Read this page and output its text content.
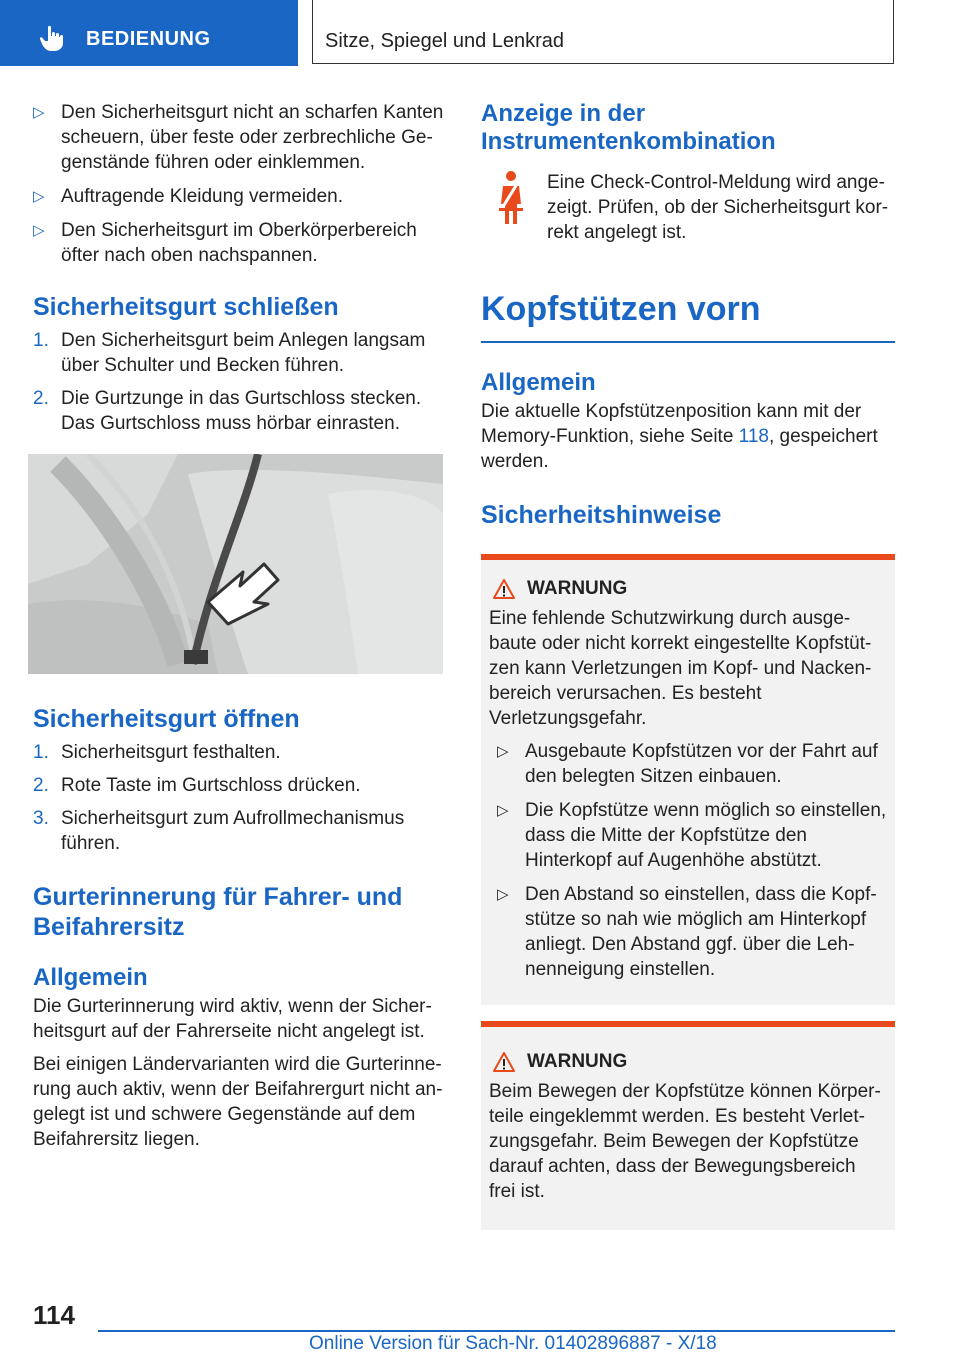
BEDIENUNG	Sitze, Spiegel und Lenkrad
▷ Den Sicherheitsgurt nicht an scharfen Kanten scheuern, über feste oder zerbrechliche Gegenstände führen oder einklemmen.
▷ Auftragende Kleidung vermeiden.
▷ Den Sicherheitsgurt im Oberkörperbereich öfter nach oben nachspannen.
Sicherheitsgurt schließen
1. Den Sicherheitsgurt beim Anlegen langsam über Schulter und Becken führen.
2. Die Gurtzunge in das Gurtschloss stecken. Das Gurtschloss muss hörbar einrasten.
Sicherheitsgurt öffnen
1. Sicherheitsgurt festhalten.
2. Rote Taste im Gurtschloss drücken.
3. Sicherheitsgurt zum Aufrollmechanismus führen.
Gurterinnerung für Fahrer- und Beifahrersitz
Allgemein

Die Gurterinnerung wird aktiv, wenn der Sicherheitsgurt auf der Fahrerseite nicht angelegt ist.

Bei einigen Ländervarianten wird die Gurterinnerung auch aktiv, wenn der Beifahrergurt nicht angelegt ist und schwere Gegenstände auf dem Beifahrersitz liegen.

Anzeige in der Instrumentenkombination

Eine Check-Control-Meldung wird angezeigt. Prüfen, ob der Sicherheitsgurt korrekt angelegt ist.

Kopfstützen vorn
Allgemein

Die aktuelle Kopfstützenposition kann mit der Memory-Funktion, siehe Seite 118, gespeichert werden.

Sicherheitshinweise
WARNUNG

Eine fehlende Schutzwirkung durch ausgebaute oder nicht korrekt eingestellte Kopfstützen kann Verletzungen im Kopf- und Nackenbereich verursachen. Es besteht Verletzungsgefahr.

▷ Ausgebaute Kopfstützen vor der Fahrt auf den belegten Sitzen einbauen.
▷ Die Kopfstütze wenn möglich so einstellen, dass die Mitte der Kopfstütze den Hinterkopf auf Augenhöhe abstützt.
▷ Den Abstand so einstellen, dass die Kopfstütze so nah wie möglich am Hinterkopf anliegt. Den Abstand ggf. über die Lehnenneigung einstellen.
WARNUNG

Beim Bewegen der Kopfstütze können Körperteile eingeklemmt werden. Es besteht Verletzungsgefahr. Beim Bewegen der Kopfstütze darauf achten, dass der Bewegungsbereich frei ist.

114
Online Version für Sach-Nr. 01402896887 - X/18
